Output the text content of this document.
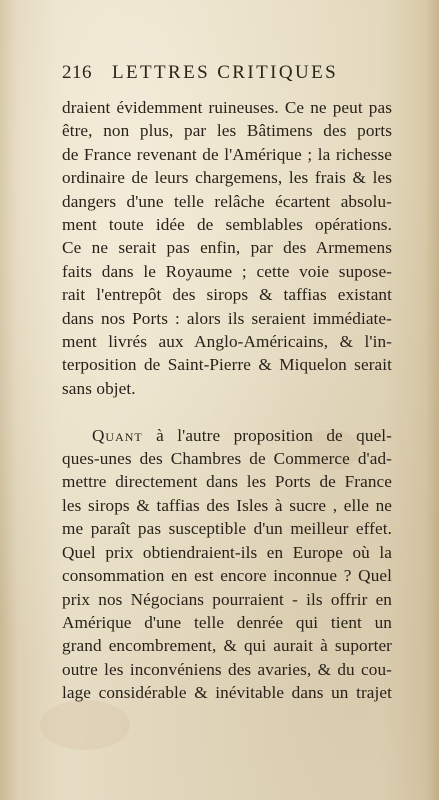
216 LETTRES CRITIQUES
draient évidemment ruineuses. Ce ne peut pas
être, non plus, par les Bâtimens des ports
de France revenant de l'Amérique ; la richesse
ordinaire de leurs chargemens, les frais & les
dangers d'une telle relâche écartent absolu-
ment toute idée de semblables opérations.
Ce ne serait pas enfin, par des Armemens
faits dans le Royaume ; cette voie supose-
rait l'entrepôt des sirops & taffias existant
dans nos Ports : alors ils seraient immédiate-
ment livrés aux Anglo-Américains, & l'in-
terposition de Saint-Pierre & Miquelon serait
sans objet.
Quant à l'autre proposition de quel-
ques-unes des Chambres de Commerce d'ad-
mettre directement dans les Ports de France
les sirops & taffias des Isles à sucre , elle ne
me paraît pas susceptible d'un meilleur effet.
Quel prix obtiendraient-ils en Europe où la
consommation en est encore inconnue ? Quel
prix nos Négocians pourraient - ils offrir en
Amérique d'une telle denrée qui tient un
grand encombrement, & qui aurait à suporter
outre les inconvéniens des avaries, & du cou-
lage considérable & inévitable dans un trajet
